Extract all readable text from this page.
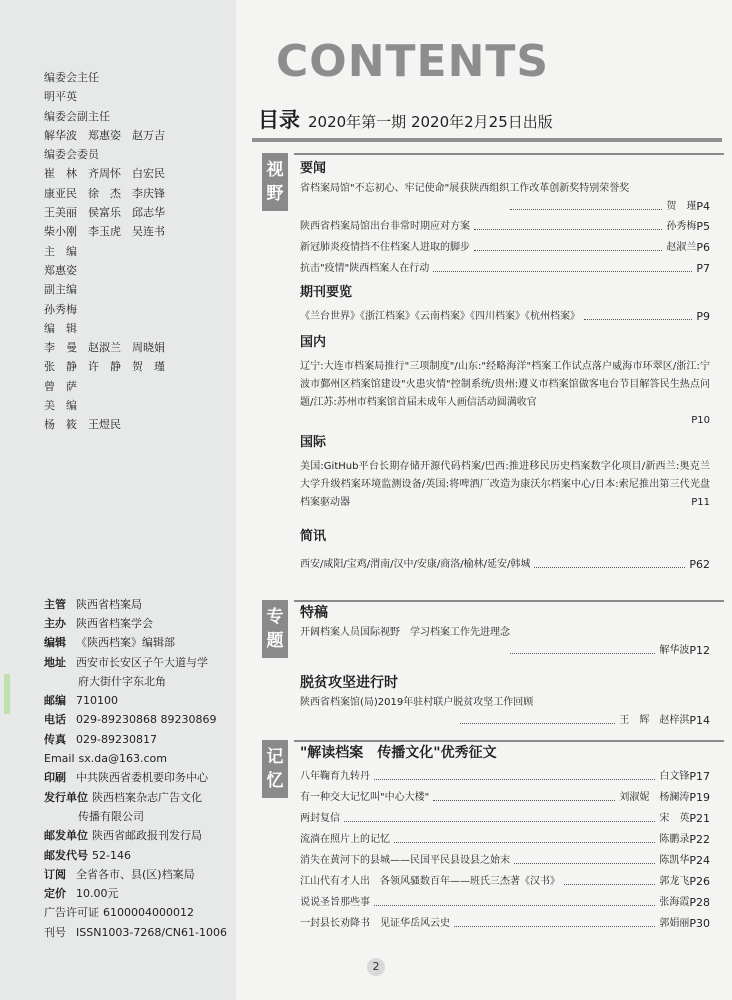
编委会主任
明平英
编委会副主任
解华波　郑惠姿　赵万吉
编委会委员
崔　林　齐周怀　白宏民
康亚民　徐　杰　李庆锋
王美丽　侯富乐　邱志华
柴小刚　李玉虎　吴连书
主　编
郑惠姿
副主编
孙秀梅
编　辑
李　曼　赵淑兰　周晓娟
张　静　许　静　贺　瑾
曾　萨
美　编
杨　筱　王煜民
主管 陕西省档案局
主办 陕西省档案学会
编辑 《陕西档案》编辑部
地址 西安市长安区子午大道与学
府大街什字东北角
邮编 710100
电话 029-89230868 89230869
传真 029-89230817
Email sx.da@163.com
印刷 中共陕西省委机要印务中心
发行单位 陕西档案杂志广告文化
传播有限公司
邮发单位 陕西省邮政报刊发行局
邮发代号 52-146
订阅 全省各市、县(区)档案局
定价 10.00元
广告许可证 6100004000012
刊号 ISSN1003-7268/CN61-1006
CONTENTS
目录 2020年第一期 2020年2月25日出版
视
野
要闻
省档案局馆"不忘初心、牢记使命"展获陕西组织工作改革创新奖特别荣誉奖
贺　瑾 P4
陕西省档案局馆出台非常时期应对方案	孙秀梅 P5
新冠肺炎疫情挡不住档案人进取的脚步	赵淑兰 P6
抗击"疫情"陕西档案人在行动	P7
期刊要览
《兰台世界》《浙江档案》《云南档案》《四川档案》《杭州档案》	P9
国内
辽宁:大连市档案局推行"三项制度"/山东:"经略海洋"档案工作试点落户威海市环翠区/浙江:宁波市鄞州区档案馆建设"火患灾情"控制系统/贵州:遵义市档案馆做客电台节目解答民生热点问题/江苏:苏州市档案馆首届未成年人画信活动圆满收官
P10
国际
美国:GitHub平台长期存储开源代码档案/巴西:推进移民历史档案数字化项目/新西兰:奥克兰大学升级档案环境监测设备/英国:将啤酒厂改造为康沃尔档案中心/日本:索尼推出第三代光盘档案驱动器	P11
简讯
西安/咸阳/宝鸡/渭南/汉中/安康/商洛/榆林/延安/韩城	P62
专
题
特稿
开阔档案人员国际视野　学习档案工作先进理念
解华波 P12
脱贫攻坚进行时
陕西省档案馆(局)2019年驻村联户脱贫攻坚工作回顾
王　辉　赵梓淇 P14
记
忆
"解读档案　传播文化"优秀征文
八年鞠育九转丹	白文锋 P17
有一种交大记忆叫"中心大楼"	刘淑妮　杨澜涛 P19
两封复信	宋　英 P21
流淌在照片上的记忆	陈鹏录 P22
消失在黄河下的县城——民国平民县设县之始末	陈凯华 P24
江山代有才人出　各领风骚数百年——班氏三杰著《汉书》	郭龙飞 P26
说说圣旨那些事	张海霞 P28
一封县长劝降书　见证华岳风云史	郭娟丽 P30
2
